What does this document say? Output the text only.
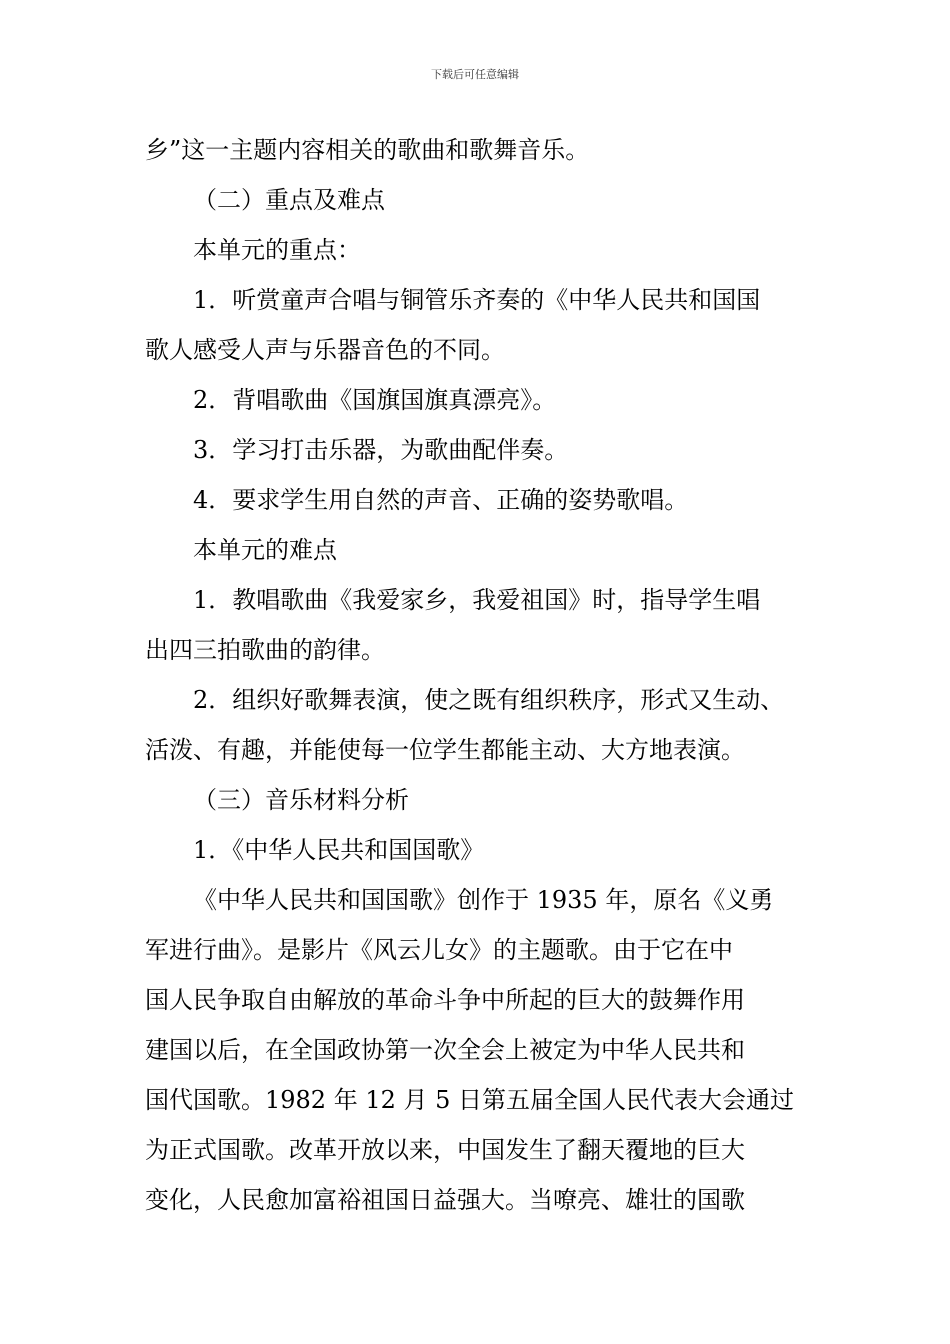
下载后可任意编辑
乡”这一主题内容相关的歌曲和歌舞音乐。
（二）重点及难点
本单元的重点：
1．听赏童声合唱与铜管乐齐奏的《中华人民共和国国
歌人感受人声与乐器音色的不同。
2．背唱歌曲《国旗国旗真漂亮》。
3．学习打击乐器，为歌曲配伴奏。
4．要求学生用自然的声音、正确的姿势歌唱。
本单元的难点
1．教唱歌曲《我爱家乡，我爱祖国》时，指导学生唱
出四三拍歌曲的韵律。
2．组织好歌舞表演，使之既有组织秩序，形式又生动、
活泼、有趣，并能使每一位学生都能主动、大方地表演。
（三）音乐材料分析
1．《中华人民共和国国歌》
《中华人民共和国国歌》创作于 1935 年，原名《义勇
军进行曲》。是影片《风云儿女》的主题歌。由于它在中
国人民争取自由解放的革命斗争中所起的巨大的鼓舞作用
建国以后，在全国政协第一次全会上被定为中华人民共和
国代国歌。1982 年 12 月 5 日第五届全国人民代表大会通过
为正式国歌。改革开放以来，中国发生了翻天覆地的巨大
变化，人民愈加富裕祖国日益强大。当嘹亮、雄壮的国歌
